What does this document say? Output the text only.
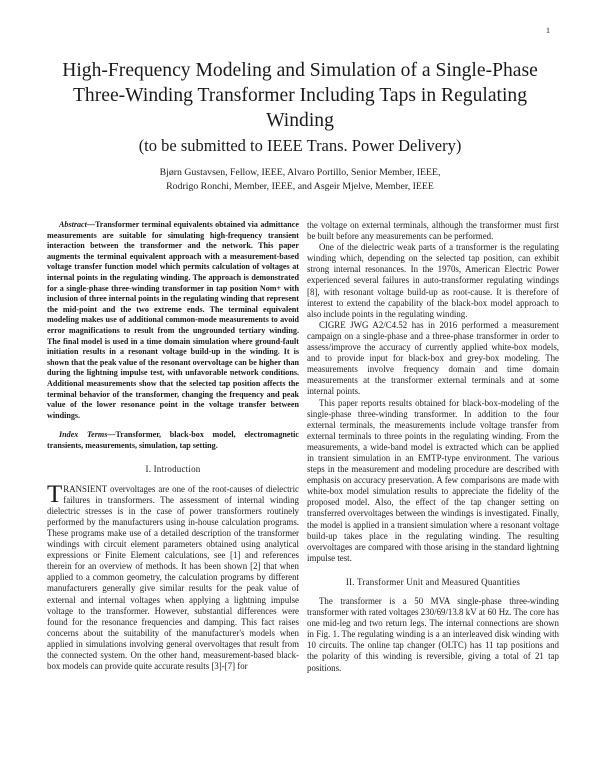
1
High-Frequency Modeling and Simulation of a Single-Phase Three-Winding Transformer Including Taps in Regulating Winding
(to be submitted to IEEE Trans. Power Delivery)
Bjørn Gustavsen, Fellow, IEEE, Alvaro Portillo, Senior Member, IEEE,
Rodrigo Ronchi, Member, IEEE, and Asgeir Mjelve, Member, IEEE

Abstract—Transformer terminal equivalents obtained via admittance measurements are suitable for simulating high-frequency transient interaction between the transformer and the network. This paper augments the terminal equivalent approach with a measurement-based voltage transfer function model which permits calculation of voltages at internal points in the regulating winding. The approach is demonstrated for a single-phase three-winding transformer in tap position Nom+ with inclusion of three internal points in the regulating winding that represent the mid-point and the two extreme ends. The terminal equivalent modeling makes use of additional common-mode measurements to avoid error magnifications to result from the ungrounded tertiary winding. The final model is used in a time domain simulation where ground-fault initiation results in a resonant voltage build-up in the winding. It is shown that the peak value of the resonant overvoltage can be higher than during the lightning impulse test, with unfavorable network conditions. Additional measurements show that the selected tap position affects the terminal behavior of the transformer, changing the frequency and peak value of the lower resonance point in the voltage transfer between windings.

Index Terms—Transformer, black-box model, electromagnetic transients, measurements, simulation, tap setting.

I. Introduction

TRANSIENT overvoltages are one of the root-causes of dielectric failures in transformers. The assessment of internal winding dielectric stresses is in the case of power transformers routinely performed by the manufacturers using in-house calculation programs. These programs make use of a detailed description of the transformer windings with circuit element parameters obtained using analytical expressions or Finite Element calculations, see [1] and references therein for an overview of methods. It has been shown [2] that when applied to a common geometry, the calculation programs by different manufacturers generally give similar results for the peak value of external and internal voltages when applying a lightning impulse voltage to the transformer. However, substantial differences were found for the resonance frequencies and damping. This fact raises concerns about the suitability of the manufacturer's models when applied in simulations involving general overvoltages that result from the connected system. On the other hand, measurement-based black-box models can provide quite accurate results [3]-[7] for

the voltage on external terminals, although the transformer must first be built before any measurements can be performed.

One of the dielectric weak parts of a transformer is the regulating winding which, depending on the selected tap position, can exhibit strong internal resonances. In the 1970s, American Electric Power experienced several failures in auto-transformer regulating windings [8], with resonant voltage build-up as root-cause. It is therefore of interest to extend the capability of the black-box model approach to also include points in the regulating winding.

CIGRE JWG A2/C4.52 has in 2016 performed a measurement campaign on a single-phase and a three-phase transformer in order to assess/improve the accuracy of currently applied white-box models, and to provide input for black-box and grey-box modeling. The measurements involve frequency domain and time domain measurements at the transformer external terminals and at some internal points.

This paper reports results obtained for black-box-modeling of the single-phase three-winding transformer. In addition to the four external terminals, the measurements include voltage transfer from external terminals to three points in the regulating winding. From the measurements, a wide-band model is extracted which can be applied in transient simulation in an EMTP-type environment. The various steps in the measurement and modeling procedure are described with emphasis on accuracy preservation. A few comparisons are made with white-box model simulation results to appreciate the fidelity of the proposed model. Also, the effect of the tap changer setting on transferred overvoltages between the windings is investigated. Finally, the model is applied in a transient simulation where a resonant voltage build-up takes place in the regulating winding. The resulting overvoltages are compared with those arising in the standard lightning impulse test.

II. Transformer Unit and Measured Quantities

The transformer is a 50 MVA single-phase three-winding transformer with rated voltages 230/69/13.8 kV at 60 Hz. The core has one mid-leg and two return legs. The internal connections are shown in Fig. 1. The regulating winding is a an interleaved disk winding with 10 circuits. The online tap changer (OLTC) has 11 tap positions and the polarity of this winding is reversible, giving a total of 21 tap positions.
